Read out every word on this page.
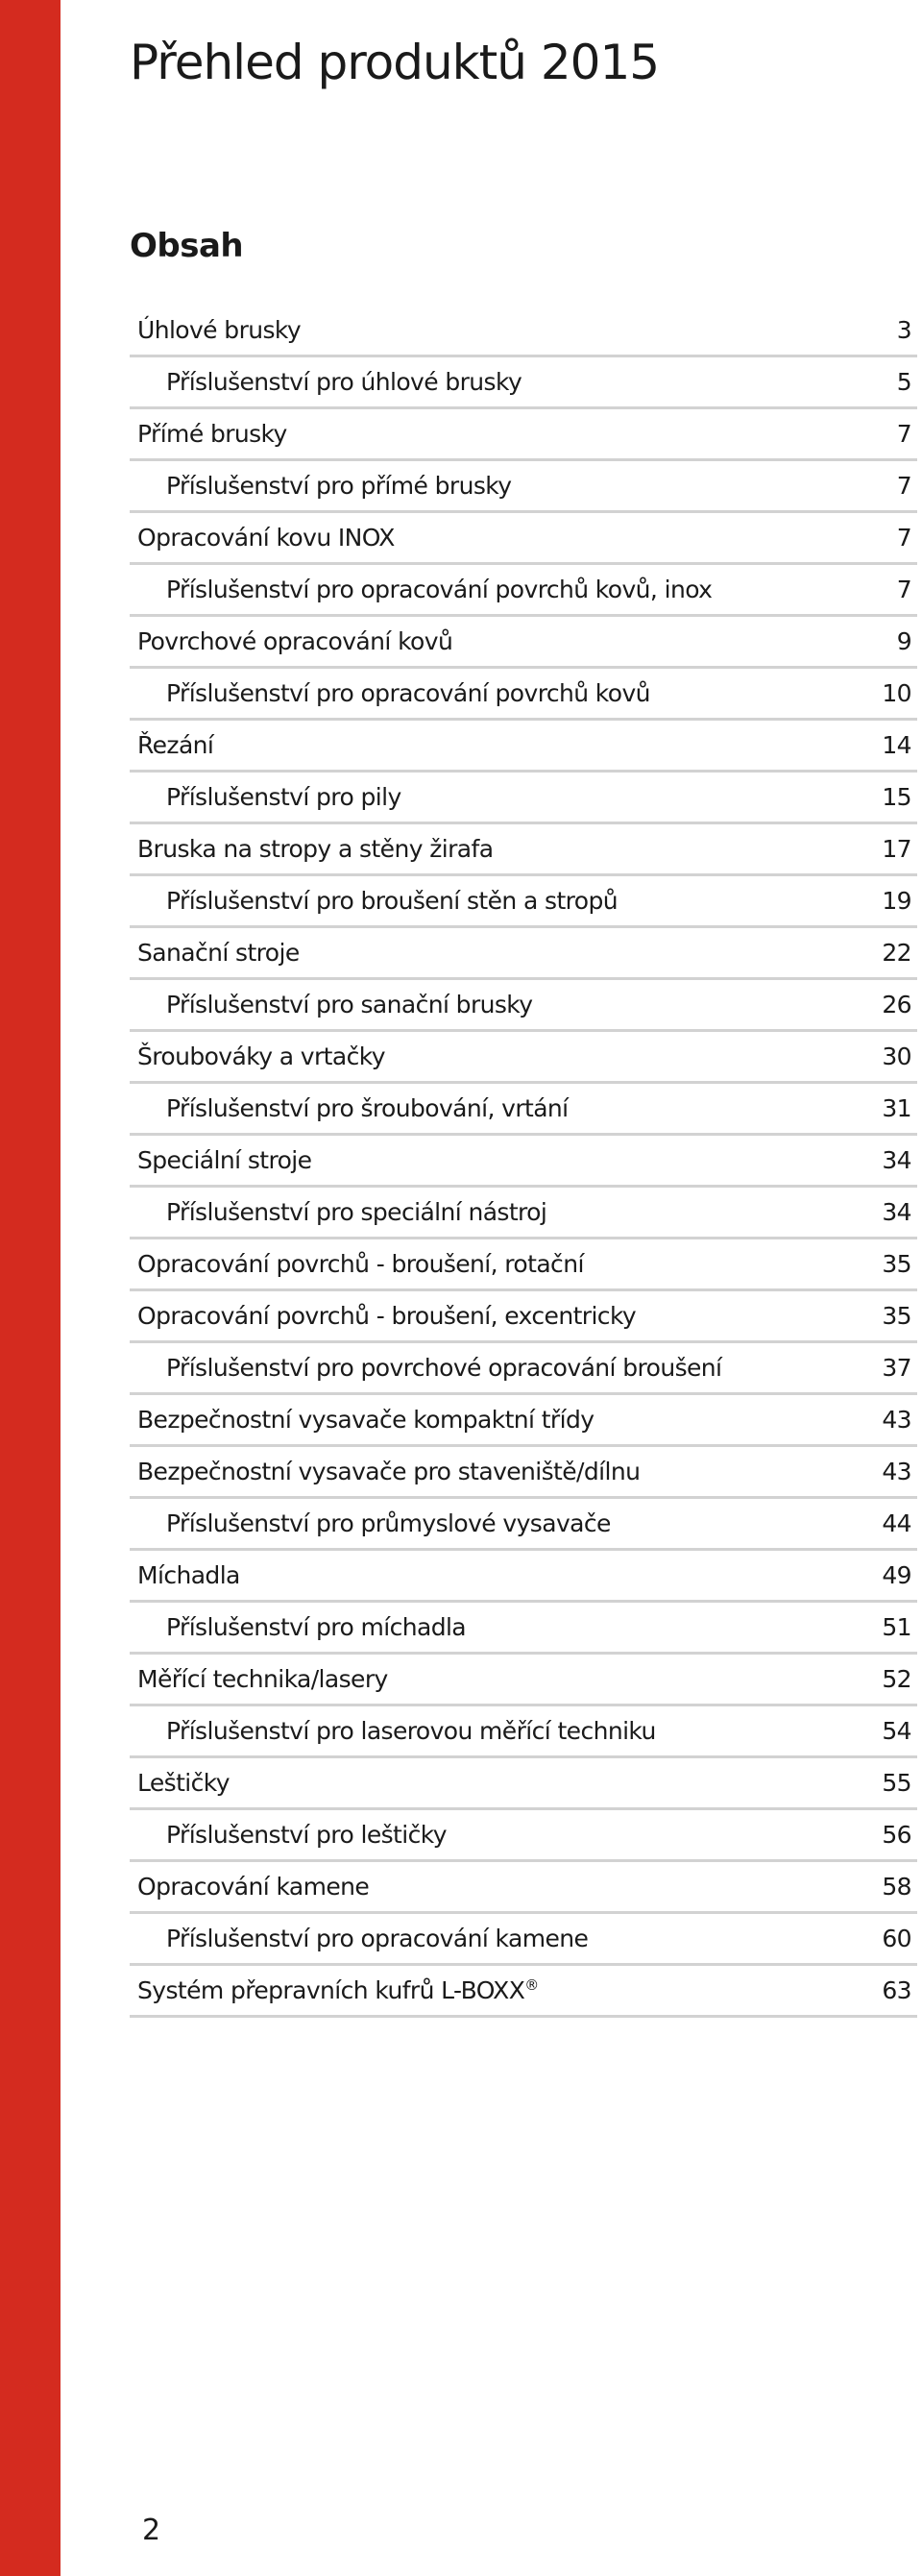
Přehled produktů 2015
Obsah
Úhlové brusky	3
Příslušenství pro úhlové brusky	5
Přímé brusky	7
Příslušenství pro přímé brusky	7
Opracování kovu INOX	7
Příslušenství pro opracování povrchů kovů, inox	7
Povrchové opracování kovů	9
Příslušenství pro opracování povrchů kovů	10
Řezání	14
Příslušenství pro pily	15
Bruska na stropy a stěny žirafa	17
Příslušenství pro broušení stěn a stropů	19
Sanační stroje	22
Příslušenství pro sanační brusky	26
Šroubováky a vrtačky	30
Příslušenství pro šroubování, vrtání	31
Speciální stroje	34
Příslušenství pro speciální nástroj	34
Opracování povrchů - broušení, rotační	35
Opracování povrchů - broušení, excentricky	35
Příslušenství pro povrchové opracování broušení	37
Bezpečnostní vysavače kompaktní třídy	43
Bezpečnostní vysavače pro staveniště/dílnu	43
Příslušenství pro průmyslové vysavače	44
Míchadla	49
Příslušenství pro míchadla	51
Měřící technika/lasery	52
Příslušenství pro laserovou měřící techniku	54
Leštičky	55
Příslušenství pro leštičky	56
Opracování kamene	58
Příslušenství pro opracování kamene	60
Systém přepravních kufrů L-BOXX®	63
2
